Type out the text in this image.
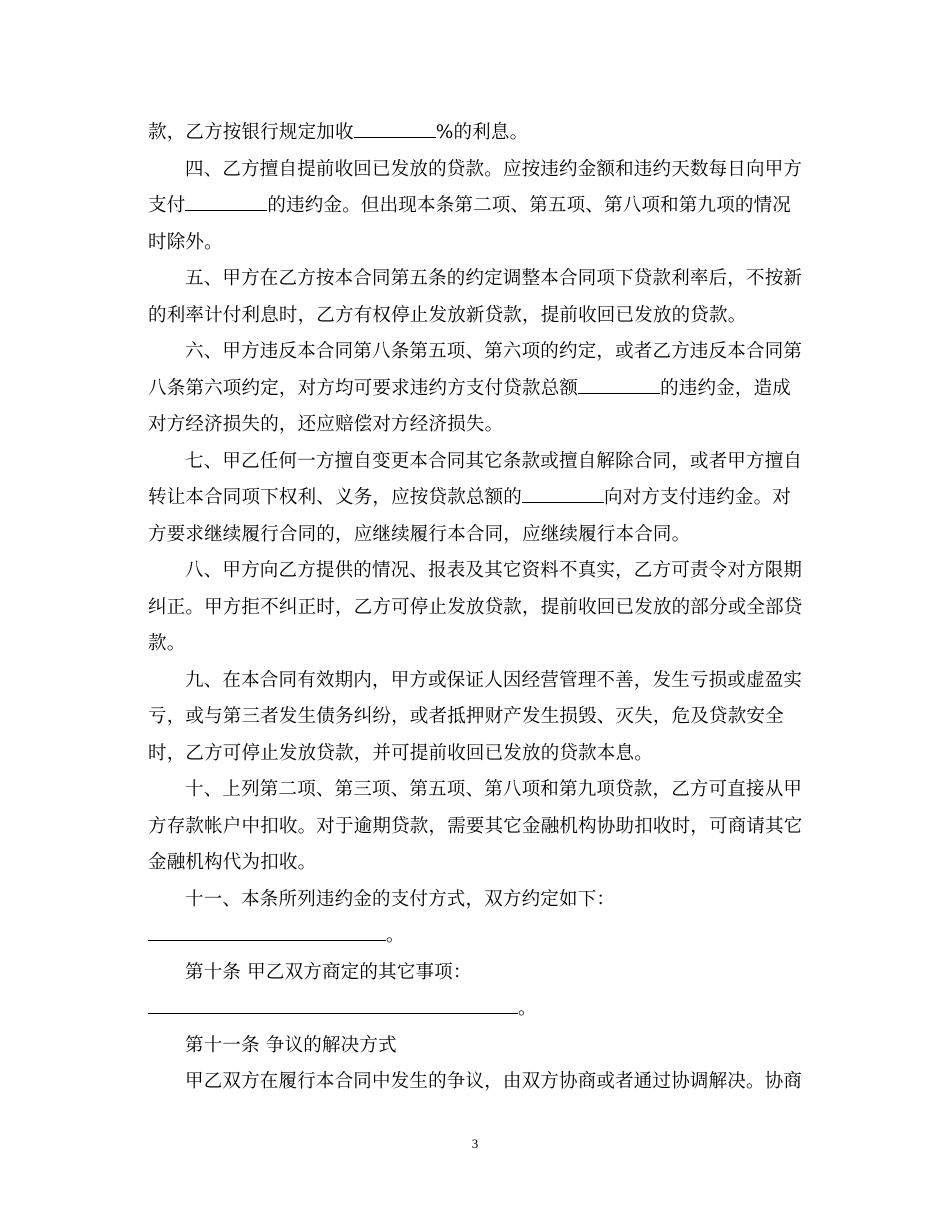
款，乙方按银行规定加收	%的利息。
四、乙方擅自提前收回已发放的贷款。应按违约金额和违约天数每日向甲方
支付	的违约金。但出现本条第二项、第五项、第八项和第九项的情况
时除外。
五、甲方在乙方按本合同第五条的约定调整本合同项下贷款利率后，不按新
的利率计付利息时，乙方有权停止发放新贷款，提前收回已发放的贷款。
六、甲方违反本合同第八条第五项、第六项的约定，或者乙方违反本合同第
八条第六项约定，对方均可要求违约方支付贷款总额	的违约金，造成
对方经济损失的，还应赔偿对方经济损失。
七、甲乙任何一方擅自变更本合同其它条款或擅自解除合同，或者甲方擅自
转让本合同项下权利、义务，应按贷款总额的	向对方支付违约金。对
方要求继续履行合同的，应继续履行本合同，应继续履行本合同。
八、甲方向乙方提供的情况、报表及其它资料不真实，乙方可责令对方限期
纠正。甲方拒不纠正时，乙方可停止发放贷款，提前收回已发放的部分或全部贷
款。
九、在本合同有效期内，甲方或保证人因经营管理不善，发生亏损或虚盈实
亏，或与第三者发生债务纠纷，或者抵押财产发生损毁、灭失，危及贷款安全
时，乙方可停止发放贷款，并可提前收回已发放的贷款本息。
十、上列第二项、第三项、第五项、第八项和第九项贷款，乙方可直接从甲
方存款帐户中扣收。对于逾期贷款，需要其它金融机构协助扣收时，可商请其它
金融机构代为扣收。
十一、本条所列违约金的支付方式，双方约定如下：
。
第十条 甲乙双方商定的其它事项：
。
第十一条 争议的解决方式
甲乙双方在履行本合同中发生的争议，由双方协商或者通过协调解决。协商
3
